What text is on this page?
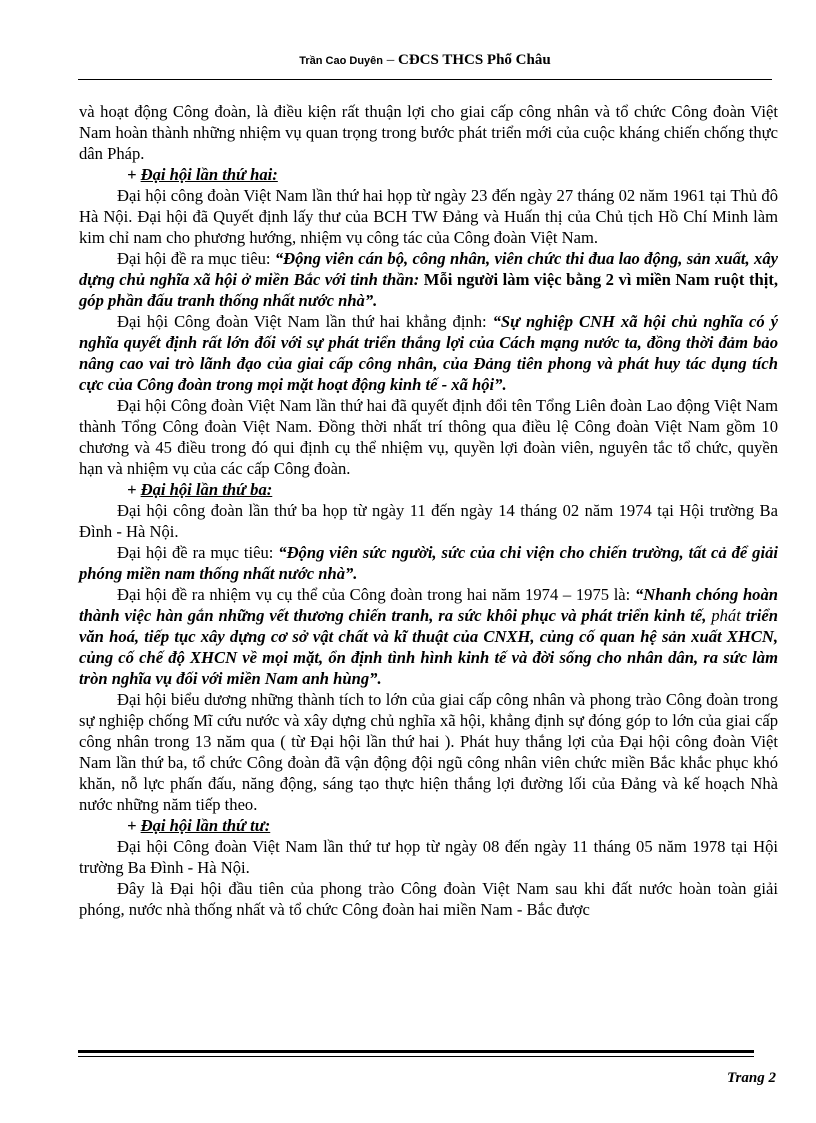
Trần Cao Duyên – CĐCS THCS Phổ Châu

và hoạt động Công đoàn, là điều kiện rất thuận lợi cho giai cấp công nhân và tổ chức Công đoàn Việt Nam hoàn thành những nhiệm vụ quan trọng trong bước phát triển mới của cuộc kháng chiến chống thực dân Pháp.

+ Đại hội lần thứ hai:

Đại hội công đoàn Việt Nam lần thứ hai họp từ ngày 23 đến ngày 27 tháng 02 năm 1961 tại Thủ đô Hà Nội. Đại hội đã Quyết định lấy thư của BCH TW Đảng và Huấn thị của Chủ tịch Hồ Chí Minh làm kim chỉ nam cho phương hướng, nhiệm vụ công tác của Công đoàn Việt Nam.

Đại hội đề ra mục tiêu: “Động viên cán bộ, công nhân, viên chức thi đua lao động, sản xuất, xây dựng chủ nghĩa xã hội ở miền Bắc với tinh thần: Mỗi người làm việc bằng 2 vì miền Nam ruột thịt, góp phần đấu tranh thống nhất nước nhà”.

Đại hội Công đoàn Việt Nam lần thứ hai khẳng định: “Sự nghiệp CNH xã hội chủ nghĩa có ý nghĩa quyết định rất lớn đối với sự phát triển thắng lợi của Cách mạng nước ta, đồng thời đảm bảo nâng cao vai trò lãnh đạo của giai cấp công nhân, của Đảng tiên phong và phát huy tác dụng tích cực của Công đoàn trong mọi mặt hoạt động kinh tế - xã hội”.

Đại hội Công đoàn Việt Nam lần thứ hai đã quyết định đổi tên Tổng Liên đoàn Lao động Việt Nam thành Tổng Công đoàn Việt Nam. Đồng thời nhất trí thông qua điều lệ Công đoàn Việt Nam gồm 10 chương và 45 điều trong đó qui định cụ thể nhiệm vụ, quyền lợi đoàn viên, nguyên tắc tổ chức, quyền hạn và nhiệm vụ của các cấp Công đoàn.

+ Đại hội lần thứ ba:

Đại hội công đoàn lần thứ ba họp từ ngày 11 đến ngày 14 tháng 02 năm 1974 tại Hội trường Ba Đình - Hà Nội.

Đại hội đề ra mục tiêu: “Động viên sức người, sức của chi viện cho chiến trường, tất cả để giải phóng miền nam thống nhất nước nhà”.

Đại hội đề ra nhiệm vụ cụ thể của Công đoàn trong hai năm 1974 – 1975 là: “Nhanh chóng hoàn thành việc hàn gắn những vết thương chiến tranh, ra sức khôi phục và phát triển kinh tế, phát triển văn hoá, tiếp tục xây dựng cơ sở vật chất và kĩ thuật của CNXH, củng cố quan hệ sản xuất XHCN, củng cố chế độ XHCN về mọi mặt, ổn định tình hình kinh tế và đời sống cho nhân dân, ra sức làm tròn nghĩa vụ đối với miền Nam anh hùng”.

Đại hội biểu dương những thành tích to lớn của giai cấp công nhân và phong trào Công đoàn trong sự nghiệp chống Mĩ cứu nước và xây dựng chủ nghĩa xã hội, khẳng định sự đóng góp to lớn của giai cấp công nhân trong 13 năm qua ( từ Đại hội lần thứ hai ). Phát huy thắng lợi của Đại hội công đoàn Việt Nam lần thứ ba, tổ chức Công đoàn đã vận động đội ngũ công nhân viên chức miền Bắc khắc phục khó khăn, nỗ lực phấn đấu, năng động, sáng tạo thực hiện thắng lợi đường lối của Đảng và kế hoạch Nhà nước những năm tiếp theo.

+ Đại hội lần thứ tư:

Đại hội Công đoàn Việt Nam lần thứ tư họp từ ngày 08 đến ngày 11 tháng 05 năm 1978 tại Hội trường Ba Đình - Hà Nội.

Đây là Đại hội đầu tiên của phong trào Công đoàn Việt Nam sau khi đất nước hoàn toàn giải phóng, nước nhà thống nhất và tổ chức Công đoàn hai miền Nam - Bắc được

Trang 2
